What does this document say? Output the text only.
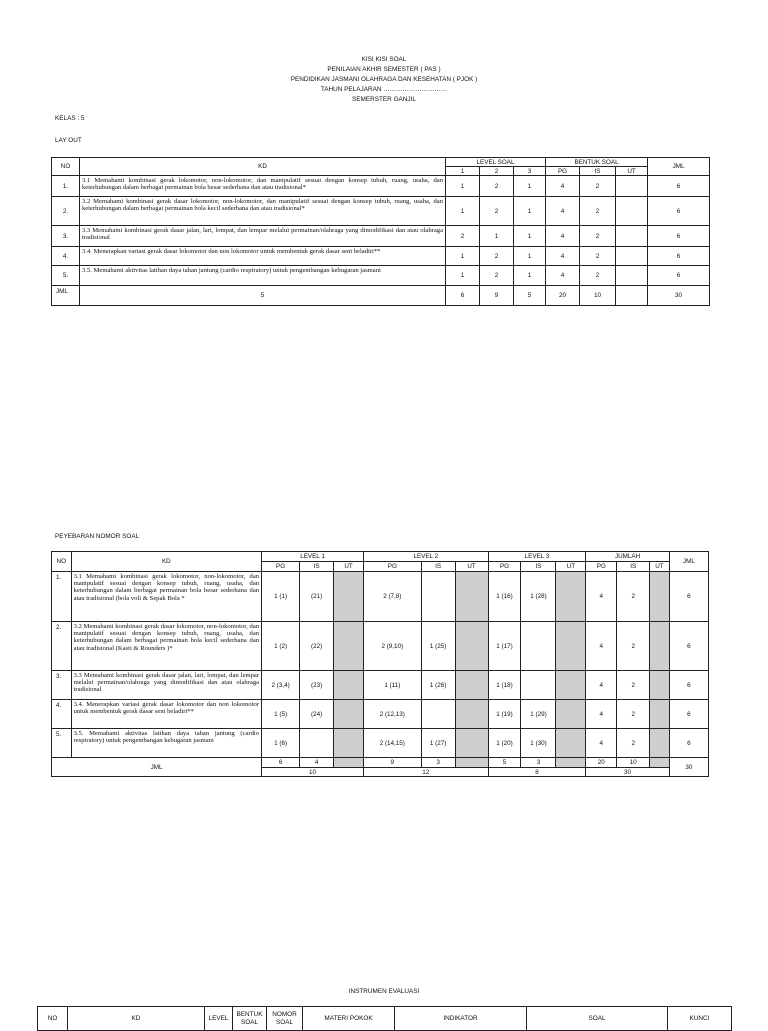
KISI KISI SOAL
PENILAIAN AKHIR SEMESTER ( PAS )
PENDIDIKAN JASMANI OLAHRAGA DAN KESEHATAN ( PJOK )
TAHUN PELAJARAN …………………………
SEMERSTER GANJIL
KELAS : 5
LAY OUT
NO	KD	LEVEL SOAL			BENTUK SOAL			JML
		1	2	3	PG	IS	UT	
1.	3.1 Memahami kombinasi gerak lokomotor, non-lokomotor, dan manipulatif sesuai dengan konsep tubuh, ruang, usaha, dan keterhubungan dalam berbagai permainan bola besar sederhana dan atau tradisional*	1	2	1	4	2		6
2.	3.2 Memahami kombinasi gerak dasar lokomotor, non-lokomotor, dan manipulatif sesuai dengan konsep tubuh, ruang, usaha, dan keterhubungan dalam berbagai permainan bola kecil sederhana dan atau tradisional*	1	2	1	4	2		6
3.	3.3 Memahami kombinasi gerak dasar jalan, lari, lompat, dan lempar melalui permainan/olahraga yang dimodifikasi dan atau olahraga tradisional	2	1	1	4	2		6
4.	3.4. Menerapkan variasi gerak dasar lokomotor dan non lokomotor untuk membentuk gerak dasar seni beladiri**	1	2	1	4	2		6
5.	3.5. Memahami aktivitas latihan daya tahan jantung (cardio respiratory) untuk pengembangan kebugaran jasmani	1	2	1	4	2		6
JML	5	6	9	5	20	10		30
PEYEBARAN NOMOR SOAL
NO	KD	LEVEL 1			LEVEL 2			LEVEL 3			JUMLAH			JML
		PG	IS	UT	PG	IS	UT	PG	IS	UT	PG	IS	UT	
1.	3.1 Memahami kombinasi gerak lokomotor, non-lokomotor, dan manipulatif sesuai dengan konsep tubuh, ruang, usaha, dan keterhubungan dalam berbagai permainan bola besar sederhana dan atau tradisional (bola voli & Sepak Bola *	1 (1)	(21)		2 (7,8)			1 (16)	1 (28)		4	2		6
2.	3.2 Memahami kombinasi gerak dasar lokomotor, non-lokomotor, dan manipulatif sesuai dengan konsep tubuh, ruang, usaha, dan keterhubungan dalam berbagai permainan bola kecil sederhana dan atau tradisional (Kasti & Rounders )*	1 (2)	(22)		2 (9,10)	1 (25)		1 (17)			4	2		6
3.	3.3 Memahami kombinasi gerak dasar jalan, lari, lompat, dan lempar melalui permainan/olahraga yang dimodifikasi dan atau olahraga tradisional	2 (3,4)	(23)		1 (11)	1 (26)		1 (18)			4	2		6
4.	3.4. Menerapkan variasi gerak dasar lokomotor dan non lokomotor untuk membentuk gerak dasar seni beladiri**	1 (5)	(24)		2 (12,13)			1 (19)	1 (29)		4	2		6
5.	3.5. Memahami aktivitas latihan daya tahan jantung (cardio respiratory) untuk pengembangan kebugaran jasmani	1 (6)			2 (14,15)	1 (27)		1 (20)	1 (30)		4	2		6
JML		6	4		9	3		5	3		20	10		30
		10			12			8			30			
INSTRUMEN EVALUASI
NO	KD	LEVEL	BENTUK SOAL	NOMOR SOAL	MATERI POKOK	INDIKATOR	SOAL	KUNCI
